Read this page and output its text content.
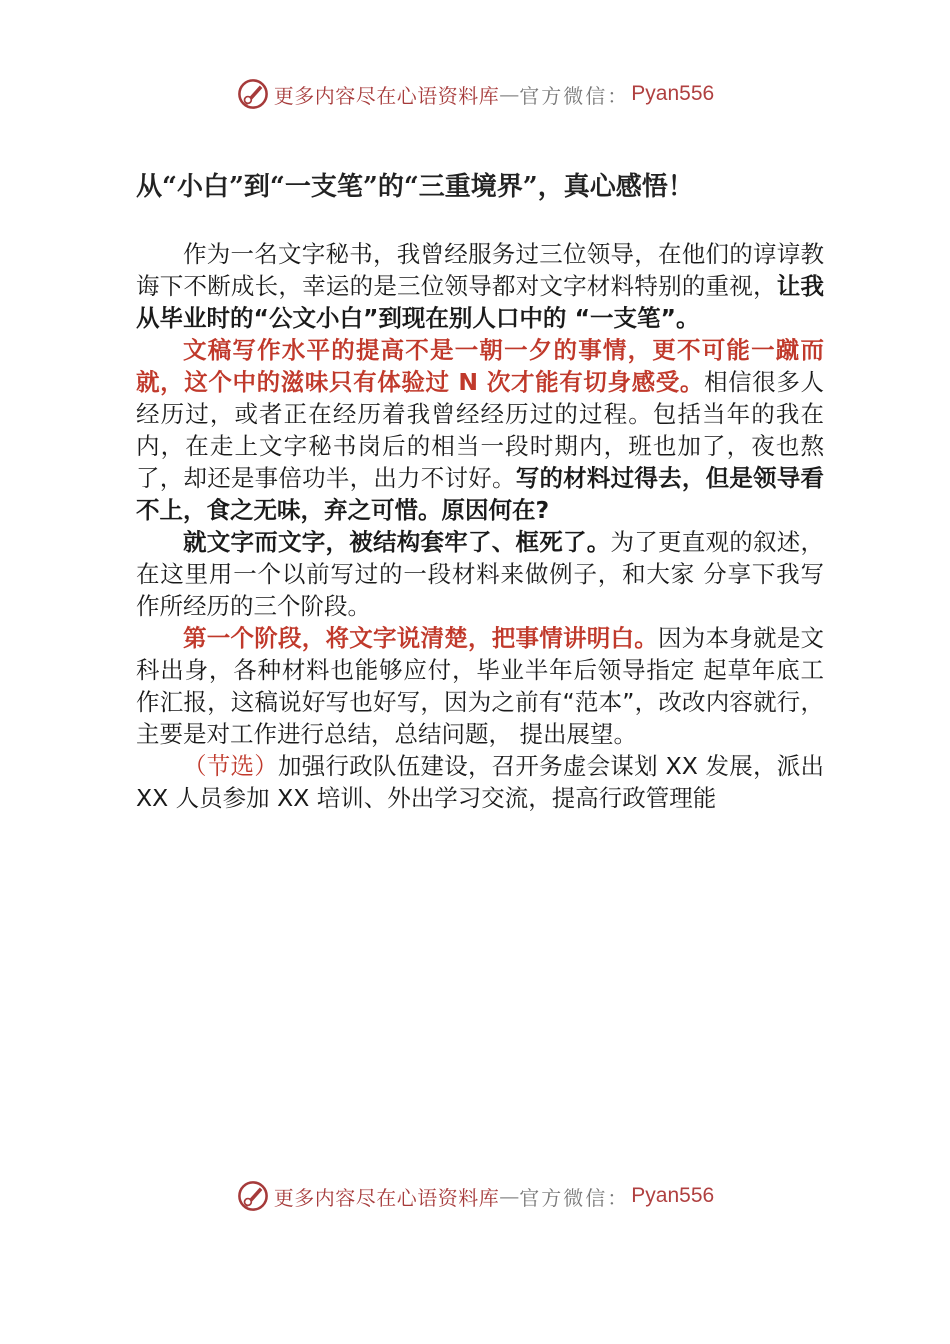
更多内容尽在心语资料库 — 官方微信： Pyan556
从“小白”到“一支笔”的“三重境界”，真心感悟！

作为一名文字秘书，我曾经服务过三位领导，在他们的谆谆教诲下不断成长，幸运的是三位领导都对文字材料特别的重视，让我从毕业时的“公文小白”到现在别人口中的 “一支笔”。

文稿写作水平的提高不是一朝一夕的事情，更不可能一蹴而就，这个中的滋味只有体验过 N 次才能有切身感受。相信很多人经历过，或者正在经历着我曾经经历过的过程。包括当年的我在内，在走上文字秘书岗后的相当一段时期内，班也加了，夜也熬了，却还是事倍功半，出力不讨好。写的材料过得去，但是领导看不上，食之无味，弃之可惜。原因何在?

就文字而文字，被结构套牢了、框死了。为了更直观的叙述，在这里用一个以前写过的一段材料来做例子，和大家 分享下我写作所经历的三个阶段。

第一个阶段，将文字说清楚，把事情讲明白。因为本身就是文科出身，各种材料也能够应付，毕业半年后领导指定 起草年底工作汇报，这稿说好写也好写，因为之前有“范本”，改改内容就行，主要是对工作进行总结，总结问题， 提出展望。

（节选）加强行政队伍建设，召开务虚会谋划 XX 发展，派出 XX 人员参加 XX 培训、外出学习交流，提高行政管理能

更多内容尽在心语资料库 — 官方微信： Pyan556
